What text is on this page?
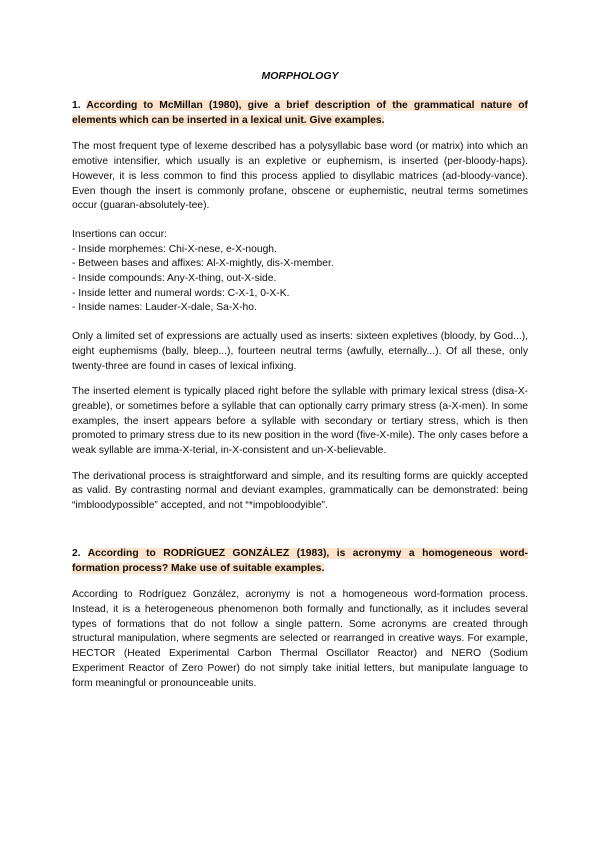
MORPHOLOGY
1. According to McMillan (1980), give a brief description of the grammatical nature of elements which can be inserted in a lexical unit. Give examples.

The most frequent type of lexeme described has a polysyllabic base word (or matrix) into which an emotive intensifier, which usually is an expletive or euphemism, is inserted (per-bloody-haps). However, it is less common to find this process applied to disyllabic matrices (ad-bloody-vance). Even though the insert is commonly profane, obscene or euphemistic, neutral terms sometimes occur (guaran-absolutely-tee).

Insertions can occur:

- Inside morphemes: Chi-X-nese, e-X-nough.
- Between bases and affixes: Al-X-mightly, dis-X-member.
- Inside compounds: Any-X-thing, out-X-side.
- Inside letter and numeral words: C-X-1, 0-X-K.
- Inside names: Lauder-X-dale, Sa-X-ho.

Only a limited set of expressions are actually used as inserts: sixteen expletives (bloody, by God...), eight euphemisms (bally, bleep...), fourteen neutral terms (awfully, eternally...). Of all these, only twenty-three are found in cases of lexical infixing.

The inserted element is typically placed right before the syllable with primary lexical stress (disa-X-greable), or sometimes before a syllable that can optionally carry primary stress (a-X-men). In some examples, the insert appears before a syllable with secondary or tertiary stress, which is then promoted to primary stress due to its new position in the word (five-X-mile). The only cases before a weak syllable are imma-X-terial, in-X-consistent and un-X-believable.

The derivational process is straightforward and simple, and its resulting forms are quickly accepted as valid. By contrasting normal and deviant examples, grammatically can be demonstrated: being “imbloodypossible” accepted, and not “*impobloodyible”.

2. According to RODRÍGUEZ GONZÁLEZ (1983), is acronymy a homogeneous word-formation process? Make use of suitable examples.

According to Rodríguez González, acronymy is not a homogeneous word-formation process. Instead, it is a heterogeneous phenomenon both formally and functionally, as it includes several types of formations that do not follow a single pattern. Some acronyms are created through structural manipulation, where segments are selected or rearranged in creative ways. For example, HECTOR (Heated Experimental Carbon Thermal Oscillator Reactor) and NERO (Sodium Experiment Reactor of Zero Power) do not simply take initial letters, but manipulate language to form meaningful or pronounceable units.
